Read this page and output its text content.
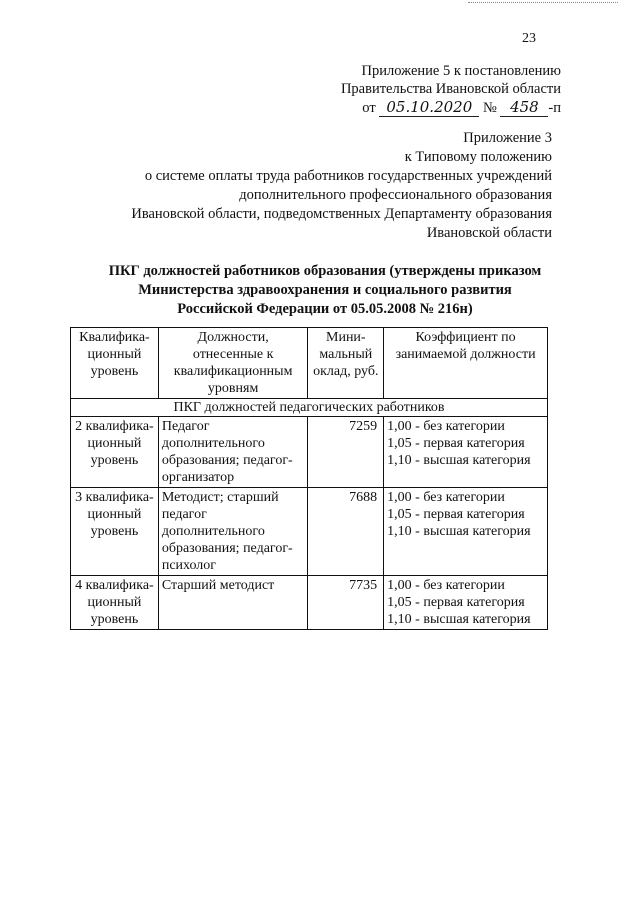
23
Приложение 5 к постановлению
Правительства Ивановской области
от 05.10.2020 № 458 -п
Приложение 3
к Типовому положению
о системе оплаты труда работников государственных учреждений
дополнительного профессионального образования
Ивановской области, подведомственных Департаменту образования
Ивановской области
ПКГ должностей работников образования (утверждены приказом
Министерства здравоохранения и социального развития
Российской Федерации от 05.05.2008 № 216н)
Квалифика-ционный уровень	Должности, отнесенные к квалификационным уровням	Мини-мальный оклад, руб.	Коэффициент по занимаемой должности
ПКГ должностей педагогических работников			
2 квалифика-ционный уровень	Педагог дополнительного образования; педагог-организатор	7259	1,00 - без категории
1,05 - первая категория
1,10 - высшая категория

3 квалифика-ционный уровень	Методист; старший педагог дополнительного образования; педагог-психолог	7688	1,00 - без категории
1,05 - первая категория
1,10 - высшая категория

4 квалифика-ционный уровень	Старший методист	7735	1,00 - без категории
1,05 - первая категория
1,10 - высшая категория
